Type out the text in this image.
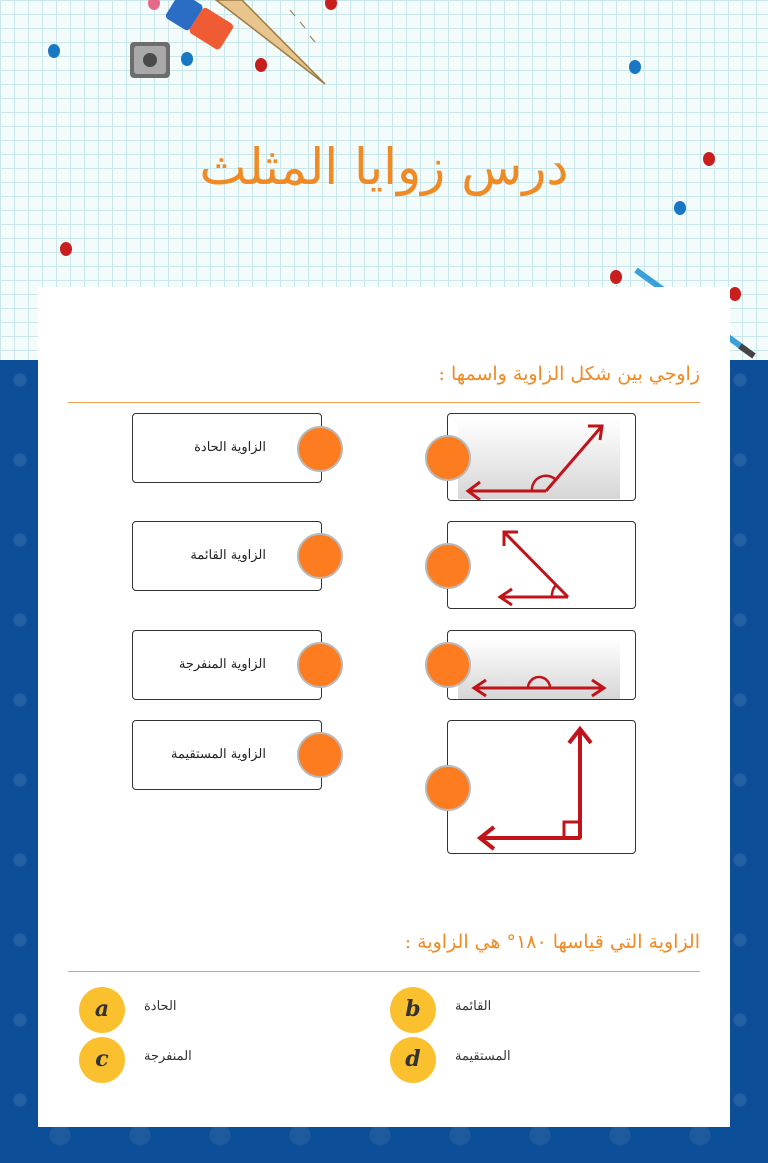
درس زوايا المثلث
زاوجي بين شكل الزاوية واسمها :
الزاوية الحادة
الزاوية القائمة
الزاوية المنفرجة
الزاوية المستقيمة
الزاوية التي قياسها ١٨٠° هي الزاوية :
a	الحادة	b	القائمة
c	المنفرجة	d	المستقيمة
